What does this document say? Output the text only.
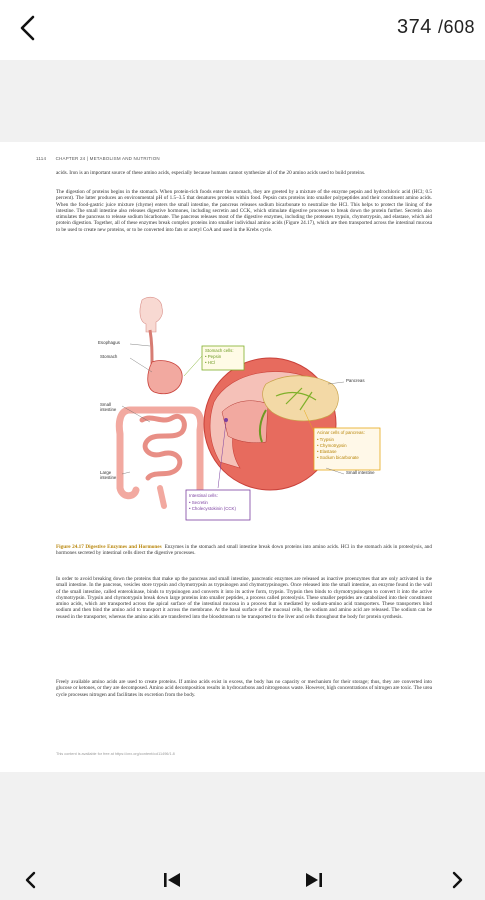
374 /608
1114 CHAPTER 24 | METABOLISM AND NUTRITION

acids. Iron is an important source of these amino acids, especially because humans cannot synthesize all of the 20 amino acids used to build proteins.

The digestion of proteins begins in the stomach. When protein-rich foods enter the stomach, they are greeted by a mixture of the enzyme pepsin and hydrochloric acid (HCl; 0.5 percent). The latter produces an environmental pH of 1.5–3.5 that denatures proteins within food. Pepsin cuts proteins into smaller polypeptides and their constituent amino acids. When the food-gastric juice mixture (chyme) enters the small intestine, the pancreas releases sodium bicarbonate to neutralize the HCl. This helps to protect the lining of the intestine. The small intestine also releases digestive hormones, including secretin and CCK, which stimulate digestive processes to break down the protein further. Secretin also stimulates the pancreas to release sodium bicarbonate. The pancreas releases most of the digestive enzymes, including the proteases trypsin, chymotrypsin, and elastase, which aid protein digestion. Together, all of these enzymes break complex proteins into smaller individual amino acids (Figure 24.17), which are then transported across the intestinal mucosa to be used to create new proteins, or to be converted into fats or acetyl CoA and used in the Krebs cycle.

Esophagus
Stomach
Small intestine
Large intestine
Pancreas
Small intestine
Stomach cells:
• Pepsin
• HCl
Acinar cells of pancreas:
• Trypsin
• Chymotrypsin
• Elastase
• Sodium bicarbonate
Intestinal cells:
• Secretin
• Cholecystokinin (CCK)

Figure 24.17 Digestive Enzymes and Hormones Enzymes in the stomach and small intestine break down proteins into amino acids. HCl in the stomach aids in proteolysis, and hormones secreted by intestinal cells direct the digestive processes.

In order to avoid breaking down the proteins that make up the pancreas and small intestine, pancreatic enzymes are released as inactive proenzymes that are only activated in the small intestine. In the pancreas, vesicles store trypsin and chymotrypsin as trypsinogen and chymotrypsinogen. Once released into the small intestine, an enzyme found in the wall of the small intestine, called enterokinase, binds to trypsinogen and converts it into its active form, trypsin. Trypsin then binds to chymotrypsinogen to convert it into the active chymotrypsin. Trypsin and chymotrypsin break down large proteins into smaller peptides, a process called proteolysis. These smaller peptides are catabolized into their constituent amino acids, which are transported across the apical surface of the intestinal mucosa in a process that is mediated by sodium-amino acid transporters. These transporters bind sodium and then bind the amino acid to transport it across the membrane. At the basal surface of the mucosal cells, the sodium and amino acid are released. The sodium can be reused in the transporter, whereas the amino acids are transferred into the bloodstream to be transported to the liver and cells throughout the body for protein synthesis.

Freely available amino acids are used to create proteins. If amino acids exist in excess, the body has no capacity or mechanism for their storage; thus, they are converted into glucose or ketones, or they are decomposed. Amino acid decomposition results in hydrocarbons and nitrogenous waste. However, high concentrations of nitrogen are toxic. The urea cycle processes nitrogen and facilitates its excretion from the body.

This content is available for free at https://cnx.org/content/col11496/1.8
